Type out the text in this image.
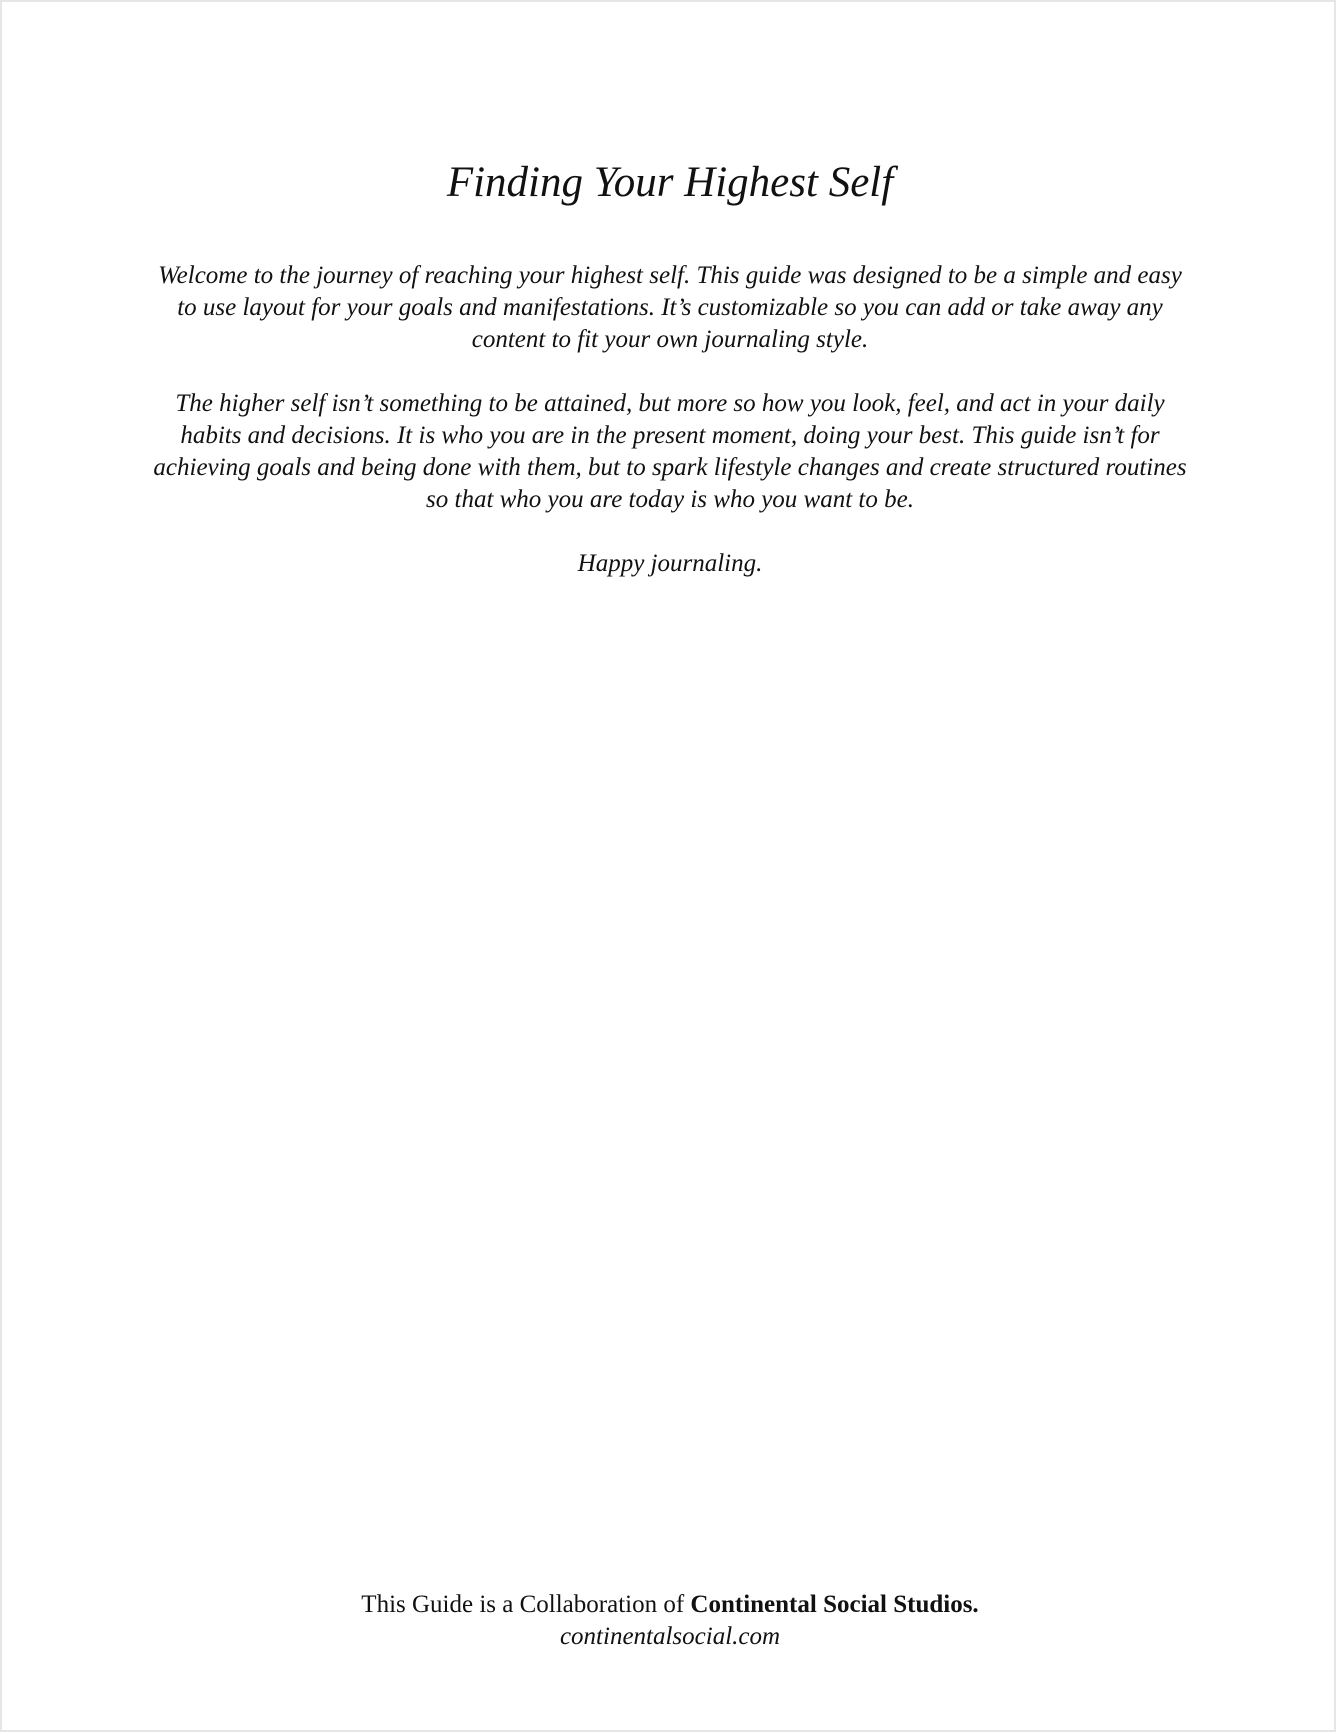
Finding Your Highest Self

Welcome to the journey of reaching your highest self. This guide was designed to be a simple and easy to use layout for your goals and manifestations. It’s customizable so you can add or take away any content to fit your own journaling style.

The higher self isn’t something to be attained, but more so how you look, feel, and act in your daily habits and decisions. It is who you are in the present moment, doing your best. This guide isn’t for achieving goals and being done with them, but to spark lifestyle changes and create structured routines so that who you are today is who you want to be.

Happy journaling.

This Guide is a Collaboration of Continental Social Studios.
continentalsocial.com
